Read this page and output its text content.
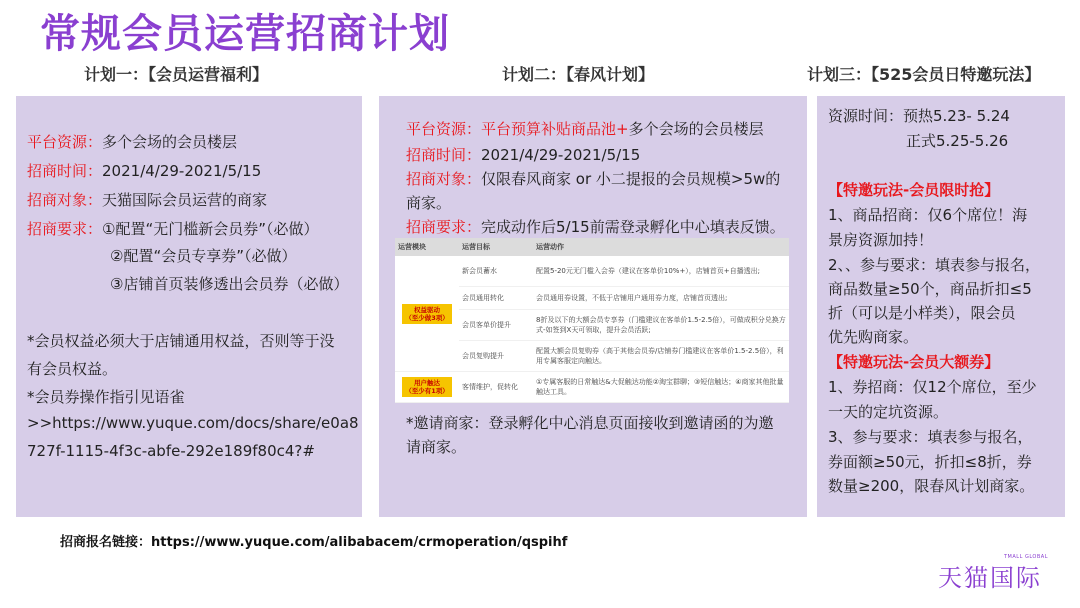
常规会员运营招商计划
计划一：【会员运营福利】	计划二：【春风计划】	计划三：【525会员日特邀玩法】
平台资源：多个会场的会员楼层
招商时间：2021/4/29-2021/5/15
招商对象：天猫国际会员运营的商家
招商要求：①配置“无门槛新会员券”（必做）
②配置“会员专享券”（必做）
③店铺首页装修透出会员券（必做）
*会员权益必须大于店铺通用权益，否则等于没
有会员权益。
*会员券操作指引见语雀
>>https://www.yuque.com/docs/share/e0a8
727f-1115-4f3c-abfe-292e189f80c4?#
平台资源：平台预算补贴商品池+多个会场的会员楼层
招商时间：2021/4/29-2021/5/15
招商对象：仅限春风商家 or 小二提报的会员规模>5w的
商家。
招商要求：完成动作后5/15前需登录孵化中心填表反馈。
运营模块	运营目标	运营动作
权益驱动
（至少做3项）	新会员蓄水	配置5-20元无门槛入会券（建议在客单价10%+），店铺首页+自播透出;
	会员通用转化	会员通用券设置，不低于店铺用户通用券力度，店铺首页透出;
	会员客单价提升	8折及以下的大额会员专享券（门槛建议在客单价1.5-2.5倍），可做成积分兑换方式-如签到X天可领取，提升会员活跃;
	会员复购提升	配置大额会员复购券（高于其他会员券/店铺券门槛建议在客单价1.5-2.5倍），利用专属客服定向触达。
用户触达
（至少有1项）	客情维护，促转化	①专属客服的日常触达&大促触达功能②淘宝群聊；③短信触达；④商家其他批量触达工具。
*邀请商家：登录孵化中心消息页面接收到邀请函的为邀
请商家。
资源时间：预热5.23- 5.24
正式5.25-5.26
【特邀玩法-会员限时抢】
1、商品招商：仅6个席位！海
景房资源加持！
2、、参与要求：填表参与报名，
商品数量≥50个，商品折扣≤5
折（可以是小样类），限会员
优先购商家。
【特邀玩法-会员大额券】
1、券招商：仅12个席位，至少
一天的定坑资源。
3、参与要求：填表参与报名，
券面额≥50元，折扣≤8折，券
数量≥200，限春风计划商家。
招商报名链接：https://www.yuque.com/alibabacem/crmoperation/qspihf
TMALL GLOBAL
天猫国际
